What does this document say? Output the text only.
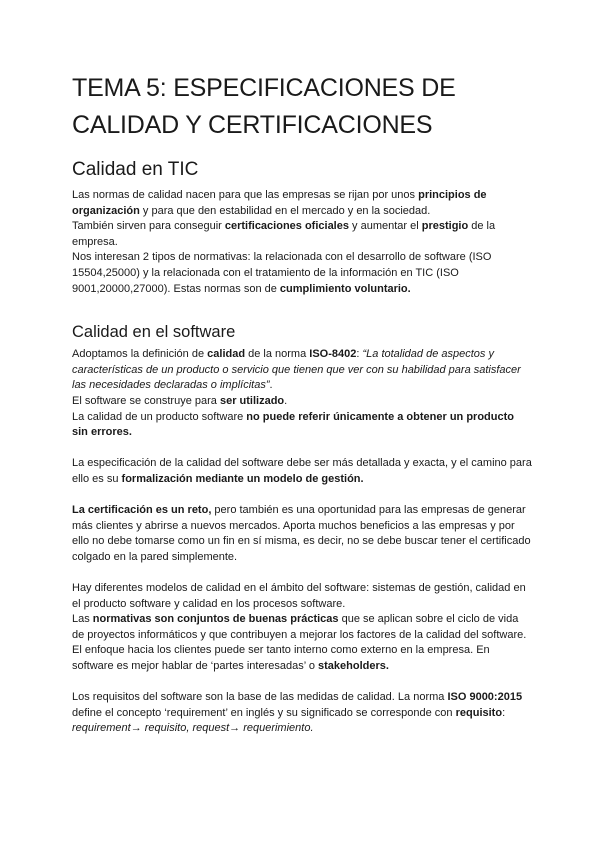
TEMA 5: ESPECIFICACIONES DE
CALIDAD Y CERTIFICACIONES
Calidad en TIC

Las normas de calidad nacen para que las empresas se rijan por unos principios de organización y para que den estabilidad en el mercado y en la sociedad.

También sirven para conseguir certificaciones oficiales y aumentar el prestigio de la empresa.

Nos interesan 2 tipos de normativas: la relacionada con el desarrollo de software (ISO 15504,25000) y la relacionada con el tratamiento de la información en TIC (ISO 9001,20000,27000). Estas normas son de cumplimiento voluntario.

Calidad en el software

Adoptamos la definición de calidad de la norma ISO-8402: “La totalidad de aspectos y características de un producto o servicio que tienen que ver con su habilidad para satisfacer las necesidades declaradas o implícitas”.

El software se construye para ser utilizado.

La calidad de un producto software no puede referir únicamente a obtener un producto sin errores.

La especificación de la calidad del software debe ser más detallada y exacta, y el camino para ello es su formalización mediante un modelo de gestión.

La certificación es un reto, pero también es una oportunidad para las empresas de generar más clientes y abrirse a nuevos mercados. Aporta muchos beneficios a las empresas y por ello no debe tomarse como un fin en sí misma, es decir, no se debe buscar tener el certificado colgado en la pared simplemente.

Hay diferentes modelos de calidad en el ámbito del software: sistemas de gestión, calidad en el producto software y calidad en los procesos software.

Las normativas son conjuntos de buenas prácticas que se aplican sobre el ciclo de vida de proyectos informáticos y que contribuyen a mejorar los factores de la calidad del software.

El enfoque hacia los clientes puede ser tanto interno como externo en la empresa. En software es mejor hablar de ‘partes interesadas’ o stakeholders.

Los requisitos del software son la base de las medidas de calidad. La norma ISO 9000:2015 define el concepto ‘requirement’ en inglés y su significado se corresponde con requisito: requirement→ requisito, request→ requerimiento.
